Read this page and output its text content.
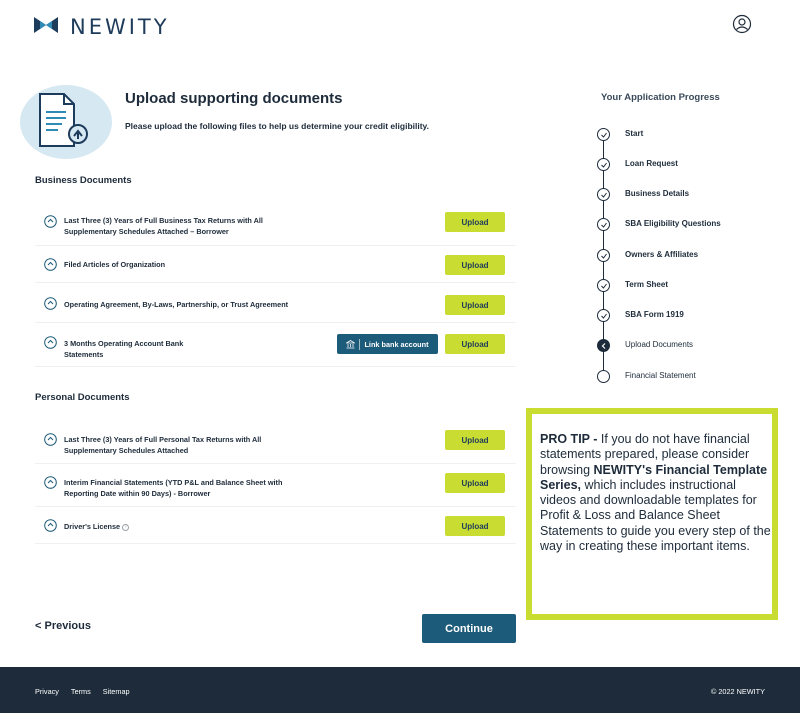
NEWITY
Upload supporting documents
Please upload the following files to help us determine your credit eligibility.
Business Documents
Last Three (3) Years of Full Business Tax Returns with All
Supplementary Schedules Attached – Borrower
Upload
Filed Articles of Organization	Upload
Operating Agreement, By-Laws, Partnership, or Trust Agreement	Upload
3 Months Operating Account Bank
Statements
Link bank account	Upload
Personal Documents
Last Three (3) Years of Full Personal Tax Returns with All
Supplementary Schedules Attached
Upload
Interim Financial Statements (YTD P&L and Balance Sheet with
Reporting Date within 90 Days) - Borrower
Upload
Driver's License ?	Upload
< Previous	Continue
Your Application Progress
Start
Loan Request
Business Details
SBA Eligibility Questions
Owners & Affiliates
Term Sheet
SBA Form 1919
Upload Documents
Financial Statement
PRO TIP - If you do not have financial statements prepared, please consider browsing NEWITY's Financial Template Series, which includes instructional videos and downloadable templates for Profit & Loss and Balance Sheet Statements to guide you every step of the way in creating these important items.
Privacy Terms Sitemap	© 2022 NEWITY
